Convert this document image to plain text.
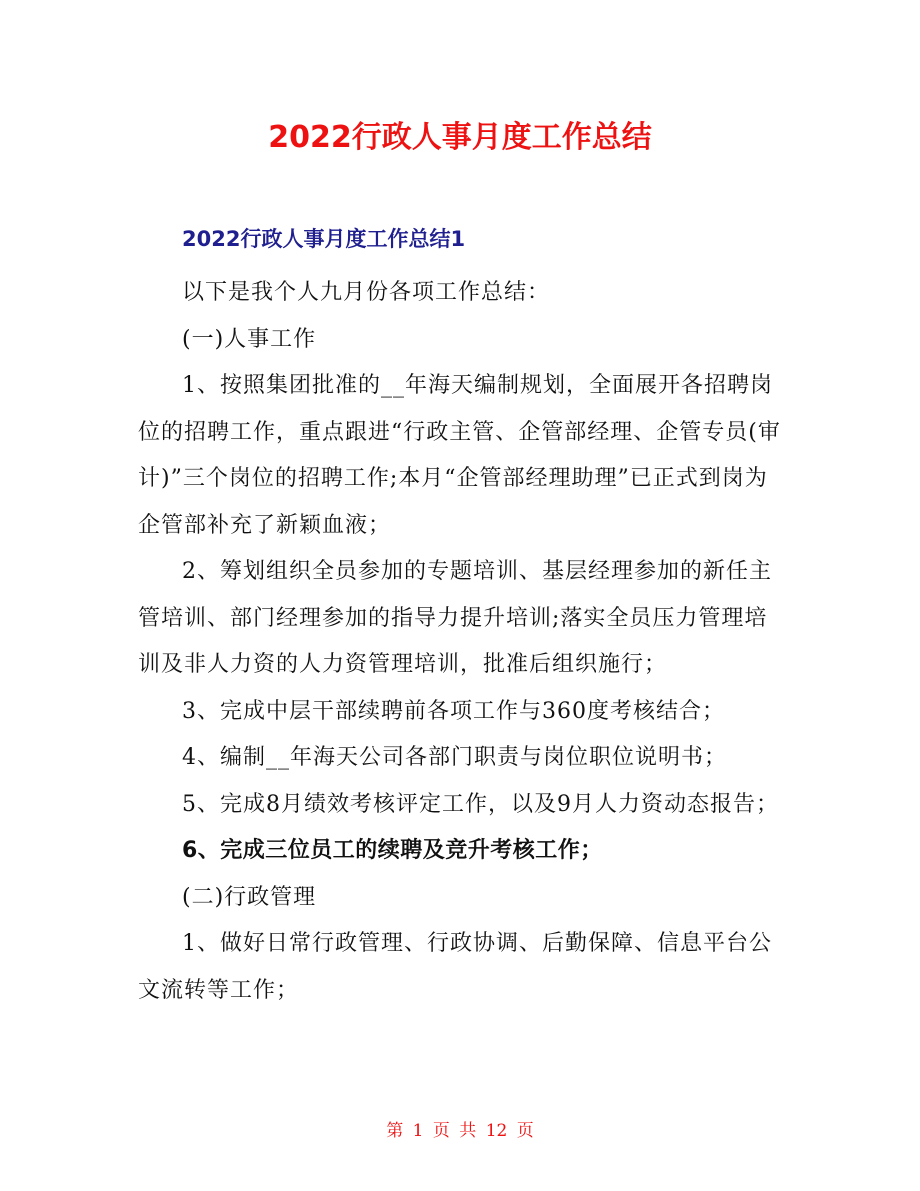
2022行政人事月度工作总结
2022行政人事月度工作总结1

以下是我个人九月份各项工作总结：

(一)人事工作

1、按照集团批准的__年海天编制规划，全面展开各招聘岗位的招聘工作，重点跟进“行政主管、企管部经理、企管专员(审计)”三个岗位的招聘工作;本月“企管部经理助理”已正式到岗为企管部补充了新颖血液；

2、筹划组织全员参加的专题培训、基层经理参加的新任主管培训、部门经理参加的指导力提升培训;落实全员压力管理培训及非人力资的人力资管理培训，批准后组织施行；

3、完成中层干部续聘前各项工作与360度考核结合；

4、编制__年海天公司各部门职责与岗位职位说明书；

5、完成8月绩效考核评定工作，以及9月人力资动态报告；

6、完成三位员工的续聘及竞升考核工作；

(二)行政管理

1、做好日常行政管理、行政协调、后勤保障、信息平台公文流转等工作；

第 1 页 共 12 页
